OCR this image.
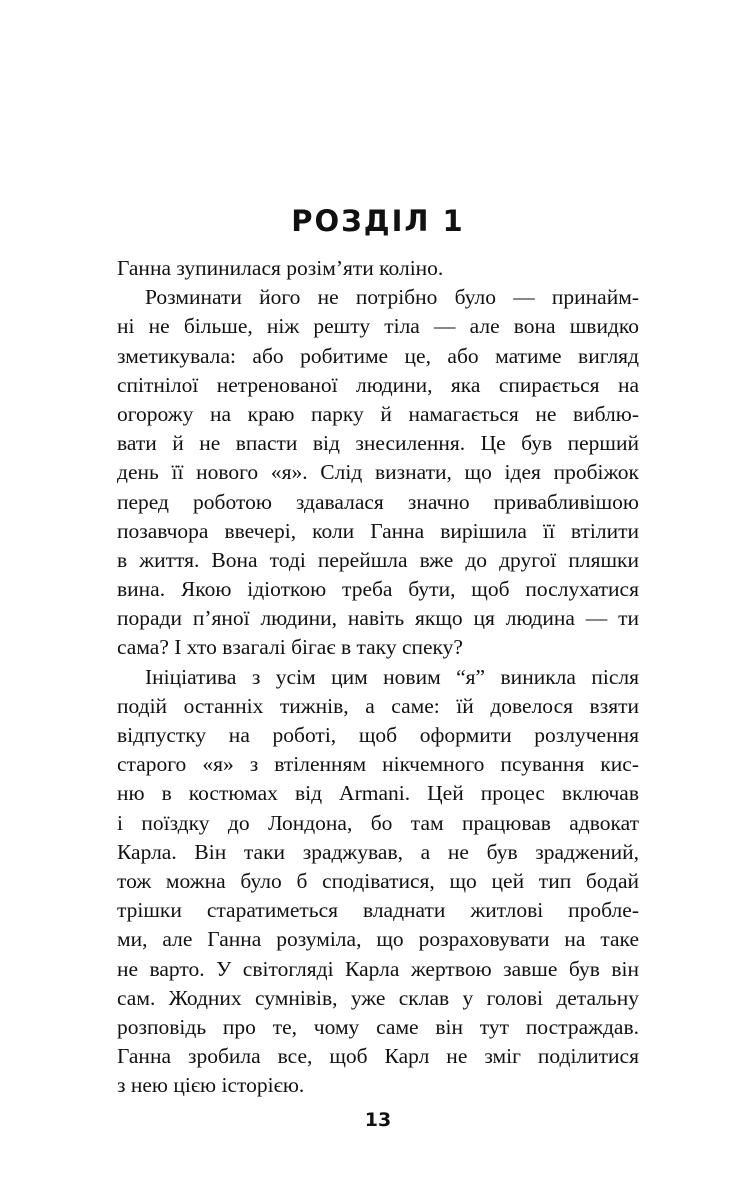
РОЗДІЛ 1
Ганна зупинилася розім’яти коліно.
Розминати його не потрібно було — принайм-
ні не більше, ніж решту тіла — але вона швидко
зметикувала: або робитиме це, або матиме вигляд
спітнілої нетренованої людини, яка спирається на
огорожу на краю парку й намагається не виблю-
вати й не впасти від знесилення. Це був перший
день її нового «я». Слід визнати, що ідея пробіжок
перед роботою здавалася значно привабливішою
позавчора ввечері, коли Ганна вирішила її втілити
в життя. Вона тоді перейшла вже до другої пляшки
вина. Якою ідіоткою треба бути, щоб послухатися
поради п’яної людини, навіть якщо ця людина — ти
сама? І хто взагалі бігає в таку спеку?
Ініціатива з усім цим новим “я” виникла після
подій останніх тижнів, а саме: їй довелося взяти
відпустку на роботі, щоб оформити розлучення
старого «я» з втіленням нікчемного псування кис-
ню в костюмах від Armani. Цей процес включав
і поїздку до Лондона, бо там працював адвокат
Карла. Він таки зраджував, а не був зраджений,
тож можна було б сподіватися, що цей тип бодай
трішки старатиметься владнати житлові пробле-
ми, але Ганна розуміла, що розраховувати на таке
не варто. У світогляді Карла жертвою завше був він
сам. Жодних сумнівів, уже склав у голові детальну
розповідь про те, чому саме він тут постраждав.
Ганна зробила все, щоб Карл не зміг поділитися
з нею цією історією.
13
